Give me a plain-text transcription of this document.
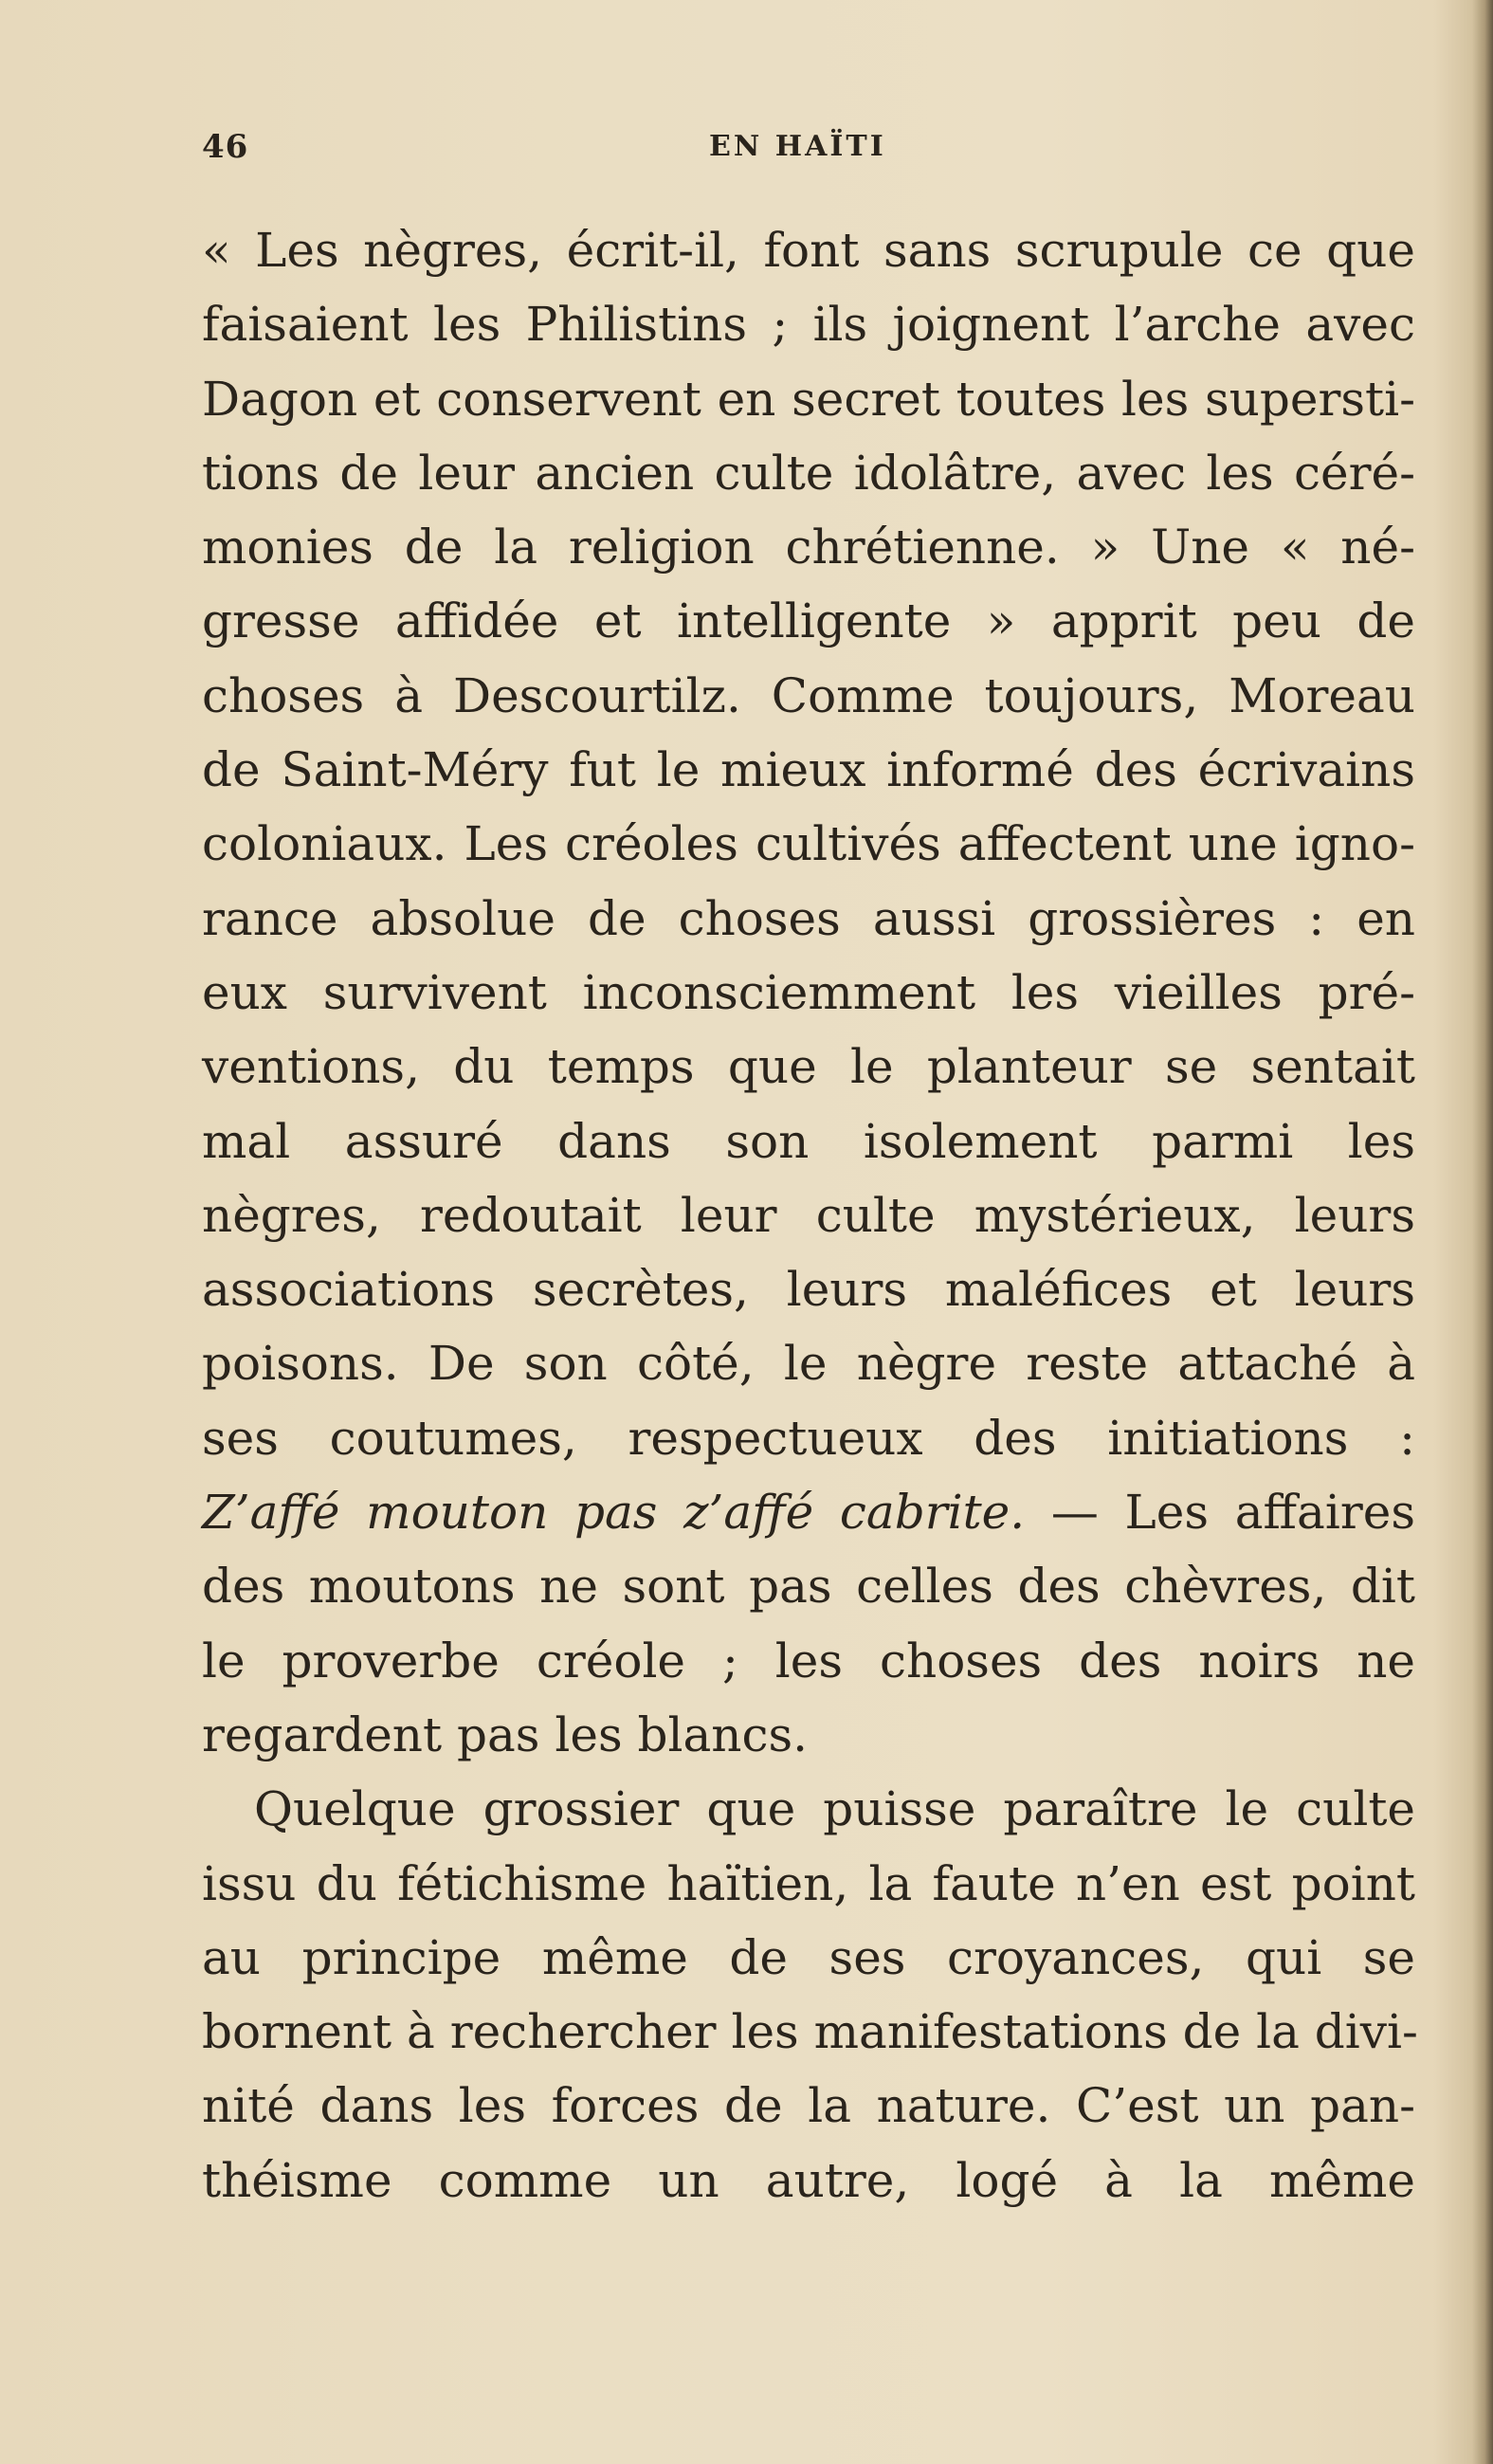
46	EN HAÏTI
« Les nègres, écrit-il, font sans scrupule ce que
faisaient les Philistins ; ils joignent l’arche avec
Dagon et conservent en secret toutes les supersti-
tions de leur ancien culte idolâtre, avec les céré-
monies de la religion chrétienne. » Une « né-
gresse affidée et intelligente » apprit peu de
choses à Descourtilz. Comme toujours, Moreau
de Saint-Méry fut le mieux informé des écrivains
coloniaux. Les créoles cultivés affectent une igno-
rance absolue de choses aussi grossières : en
eux survivent inconsciemment les vieilles pré-
ventions, du temps que le planteur se sentait
mal assuré dans son isolement parmi les
nègres, redoutait leur culte mystérieux, leurs
associations secrètes, leurs maléfices et leurs
poisons. De son côté, le nègre reste attaché à
ses coutumes, respectueux des initiations :
Z’affé mouton pas z’affé cabrite. — Les affaires
des moutons ne sont pas celles des chèvres, dit
le proverbe créole ; les choses des noirs ne
regardent pas les blancs.
Quelque grossier que puisse paraître le culte
issu du fétichisme haïtien, la faute n’en est point
au principe même de ses croyances, qui se
bornent à rechercher les manifestations de la divi-
nité dans les forces de la nature. C’est un pan-
théisme comme un autre, logé à la même
